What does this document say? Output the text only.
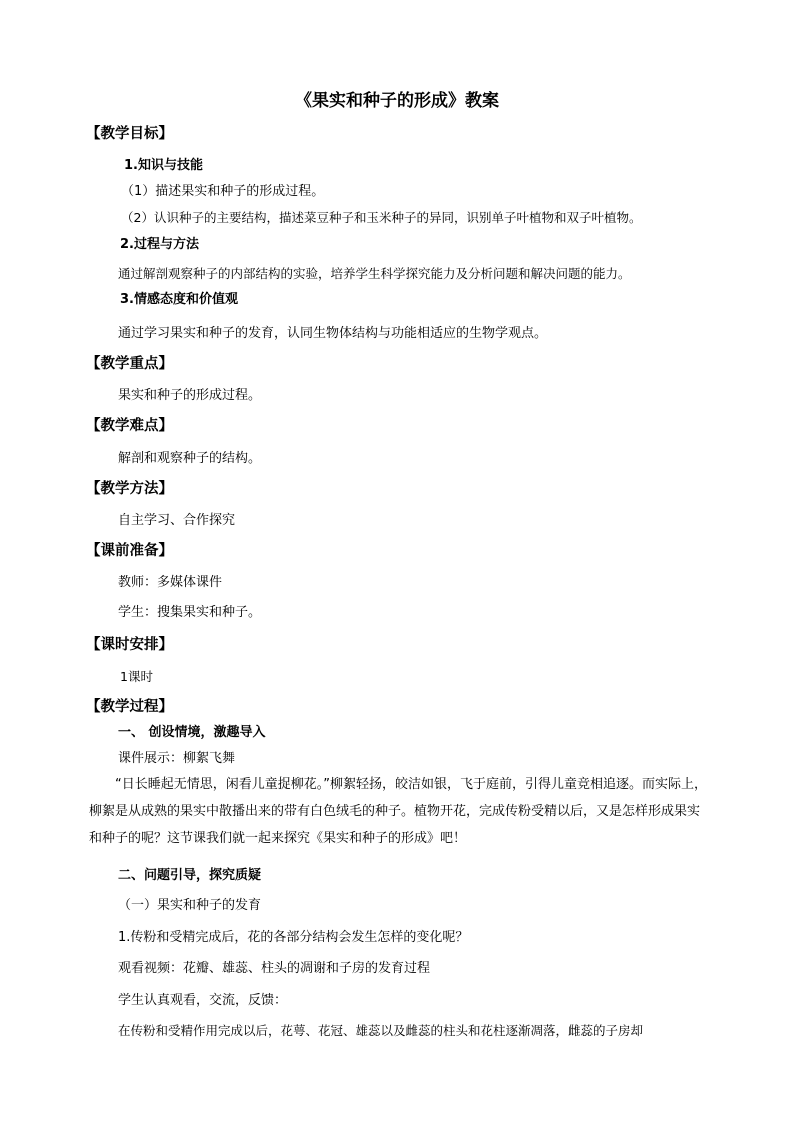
《果实和种子的形成》教案
【教学目标】
1.知识与技能
（1）描述果实和种子的形成过程。
（2）认识种子的主要结构，描述菜豆种子和玉米种子的异同，识别单子叶植物和双子叶植物。
2.过程与方法
通过解剖观察种子的内部结构的实验，培养学生科学探究能力及分析问题和解决问题的能力。
3.情感态度和价值观
通过学习果实和种子的发育，认同生物体结构与功能相适应的生物学观点。
【教学重点】
果实和种子的形成过程。
【教学难点】
解剖和观察种子的结构。
【教学方法】
自主学习、合作探究
【课前准备】
教师：多媒体课件
学生：搜集果实和种子。
【课时安排】
1课时
【教学过程】
一、 创设情境，激趣导入
课件展示：柳絮飞舞
“日长睡起无情思，闲看儿童捉柳花。”柳絮轻扬，皎洁如银，飞于庭前，引得儿童竞相追逐。而实际上，柳絮是从成熟的果实中散播出来的带有白色绒毛的种子。植物开花，完成传粉受精以后，又是怎样形成果实和种子的呢？这节课我们就一起来探究《果实和种子的形成》吧！
二、问题引导，探究质疑
（一）果实和种子的发育
1.传粉和受精完成后，花的各部分结构会发生怎样的变化呢？
观看视频：花瓣、雄蕊、柱头的凋谢和子房的发育过程
学生认真观看，交流，反馈：
在传粉和受精作用完成以后，花萼、花冠、雄蕊以及雌蕊的柱头和花柱逐渐凋落，雌蕊的子房却
